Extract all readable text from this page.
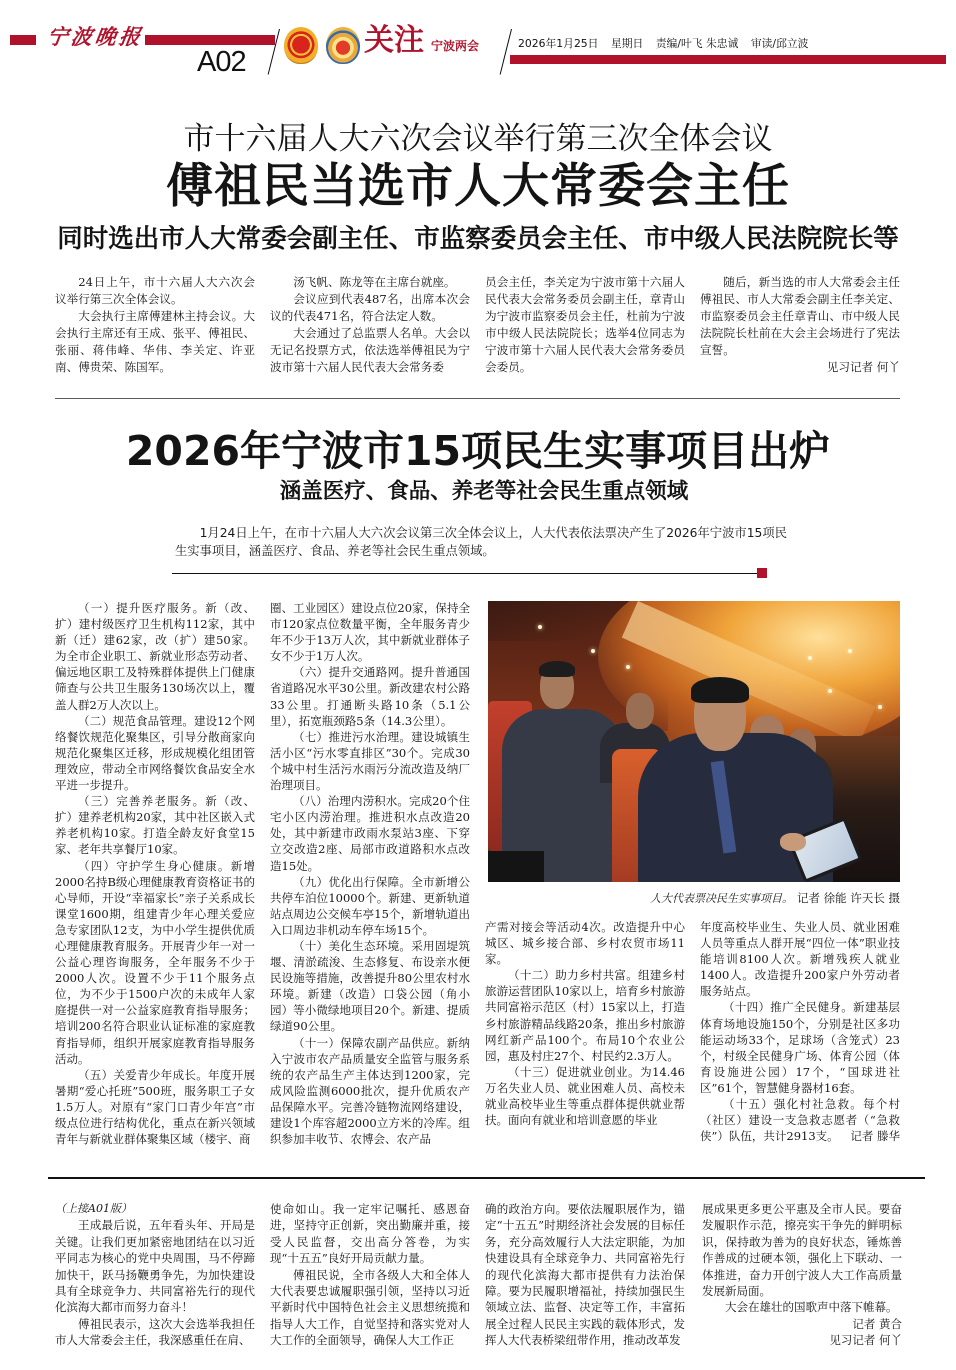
宁波晚报
A02
关注 宁波两会	2026年1月25日 星期日 责编/叶飞 朱忠诚 审读/邱立波
市十六届人大六次会议举行第三次全体会议
傅祖民当选市人大常委会主任
同时选出市人大常委会副主任、市监察委员会主任、市中级人民法院院长等

24日上午，市十六届人大六次会议举行第三次全体会议。

大会执行主席傅建林主持会议。大会执行主席还有王成、张平、傅祖民、张丽、蒋伟峰、华伟、李关定、许亚南、傅贵荣、陈国军。

汤飞帆、陈龙等在主席台就座。

会议应到代表487名，出席本次会议的代表471名，符合法定人数。

大会通过了总监票人名单。大会以无记名投票方式，依法选举傅祖民为宁波市第十六届人民代表大会常务委

员会主任，李关定为宁波市第十六届人民代表大会常务委员会副主任，章青山为宁波市监察委员会主任，杜前为宁波市中级人民法院院长；选举4位同志为宁波市第十六届人民代表大会常务委员会委员。

随后，新当选的市人大常委会主任傅祖民、市人大常委会副主任李关定、市监察委员会主任章青山、市中级人民法院院长杜前在大会主会场进行了宪法宣誓。

见习记者 何丫

2026年宁波市15项民生实事项目出炉
涵盖医疗、食品、养老等社会民生重点领域

1月24日上午，在市十六届人大六次会议第三次全体会议上，人大代表依法票决产生了2026年宁波市15项民生实事项目，涵盖医疗、食品、养老等社会民生重点领域。

（一）提升医疗服务。新（改、扩）建村级医疗卫生机构112家，其中新（迁）建62家，改（扩）建50家。为全市企业职工、新就业形态劳动者、偏远地区职工及特殊群体提供上门健康筛查与公共卫生服务130场次以上，覆盖人群2万人次以上。

（二）规范食品管理。建设12个网络餐饮规范化聚集区，引导分散商家向规范化聚集区迁移，形成规模化组团管理效应，带动全市网络餐饮食品安全水平进一步提升。

（三）完善养老服务。新（改、扩）建养老机构20家，其中社区嵌入式养老机构10家。打造全龄友好食堂15家、老年共享餐厅10家。

（四）守护学生身心健康。新增2000名持B级心理健康教育资格证书的心导师，开设“幸福家长”亲子关系成长课堂1600期，组建青少年心理关爱应急专家团队12支，为中小学生提供优质心理健康教育服务。开展青少年一对一公益心理咨询服务，全年服务不少于2000人次。设置不少于11个服务点位，为不少于1500户次的未成年人家庭提供一对一公益家庭教育指导服务；培训200名符合职业认证标准的家庭教育指导师，组织开展家庭教育指导服务活动。

（五）关爱青少年成长。年度开展暑期“爱心托班”500班，服务职工子女1.5万人。对原有“家门口青少年宫”市级点位进行结构优化，重点在新兴领域青年与新就业群体聚集区域（楼宇、商

圈、工业园区）建设点位20家，保持全市120家点位数量平衡，全年服务青少年不少于13万人次，其中新就业群体子女不少于1万人次。

（六）提升交通路网。提升普通国省道路况水平30公里。新改建农村公路33公里。打通断头路10条（5.1公里），拓宽瓶颈路5条（14.3公里）。

（七）推进污水治理。建设城镇生活小区“污水零直排区”30个。完成30个城中村生活污水雨污分流改造及纳厂治理项目。

（八）治理内涝积水。完成20个住宅小区内涝治理。推进积水点改造20处，其中新建市政雨水泵站3座、下穿立交改造2座、局部市政道路积水点改造15处。

（九）优化出行保障。全市新增公共停车泊位10000个。新建、更新轨道站点周边公交候车亭15个，新增轨道出入口周边非机动车停车场15个。

（十）美化生态环境。采用固堤筑堰、清淤疏浚、生态修复、布设亲水便民设施等措施，改善提升80公里农村水环境。新建（改造）口袋公园（角小园）等小微绿地项目20个。新建、提质绿道90公里。

（十一）保障农副产品供应。新纳入宁波市农产品质量安全监管与服务系统的农产品生产主体达到1200家，完成风险监测6000批次，提升优质农产品保障水平。完善冷链物流网络建设，建设1个库容超2000立方米的冷库。组织参加丰收节、农博会、农产品

人大代表票决民生实事项目。 记者 徐能 许天长 摄

产需对接会等活动4次。改造提升中心城区、城乡接合部、乡村农贸市场11家。

（十二）助力乡村共富。组建乡村旅游运营团队10家以上，培育乡村旅游共同富裕示范区（村）15家以上，打造乡村旅游精品线路20条，推出乡村旅游网红新产品100个。布局10个农业公园，惠及村庄27个、村民约2.3万人。

（十三）促进就业创业。为14.46万名失业人员、就业困难人员、高校未就业高校毕业生等重点群体提供就业帮扶。面向有就业和培训意愿的毕业

年度高校毕业生、失业人员、就业困难人员等重点人群开展“四位一体”职业技能培训8100人次。新增残疾人就业1400人。改造提升200家户外劳动者服务站点。

（十四）推广全民健身。新建基层体育场地设施150个，分别是社区多功能运动场33个，足球场（含笼式）23个，村级全民健身广场、体育公园（体育设施进公园）17个，“国球进社区”61个，智慧健身器材16套。

（十五）强化村社急救。每个村（社区）建设一支急救志愿者（“急救侠”）队伍，共计2913支。 记者 滕华

（上接A01版）

王成最后说，五年看头年、开局是关键。让我们更加紧密地团结在以习近平同志为核心的党中央周围，马不停蹄加快干，跃马扬鞭勇争先，为加快建设具有全球竞争力、共同富裕先行的现代化滨海大都市而努力奋斗！

傅祖民表示，这次大会选举我担任市人大常委会主任，我深感重任在肩、

使命如山。我一定牢记嘱托、感恩奋进，坚持守正创新，突出勤廉并重，接受人民监督，交出高分答卷，为实现“十五五”良好开局贡献力量。

傅祖民说，全市各级人大和全体人大代表要忠诚履职强引领，坚持以习近平新时代中国特色社会主义思想统揽和指导人大工作，自觉坚持和落实党对人大工作的全面领导，确保人大工作正

确的政治方向。要依法履职展作为，锚定“十五五”时期经济社会发展的目标任务，充分高效履行人大法定职能，为加快建设具有全球竞争力、共同富裕先行的现代化滨海大都市提供有力法治保障。要为民履职增福祉，持续加强民生领域立法、监督、决定等工作，丰富拓展全过程人民民主实践的载体形式，发挥人大代表桥梁纽带作用，推动改革发

展成果更多更公平惠及全市人民。要奋发履职作示范，擦亮实干争先的鲜明标识，保持敢为善为的良好状态，锤炼善作善成的过硬本领，强化上下联动、一体推进，奋力开创宁波人大工作高质量发展新局面。

大会在雄壮的国歌声中落下帷幕。

记者 黄合

见习记者 何丫
